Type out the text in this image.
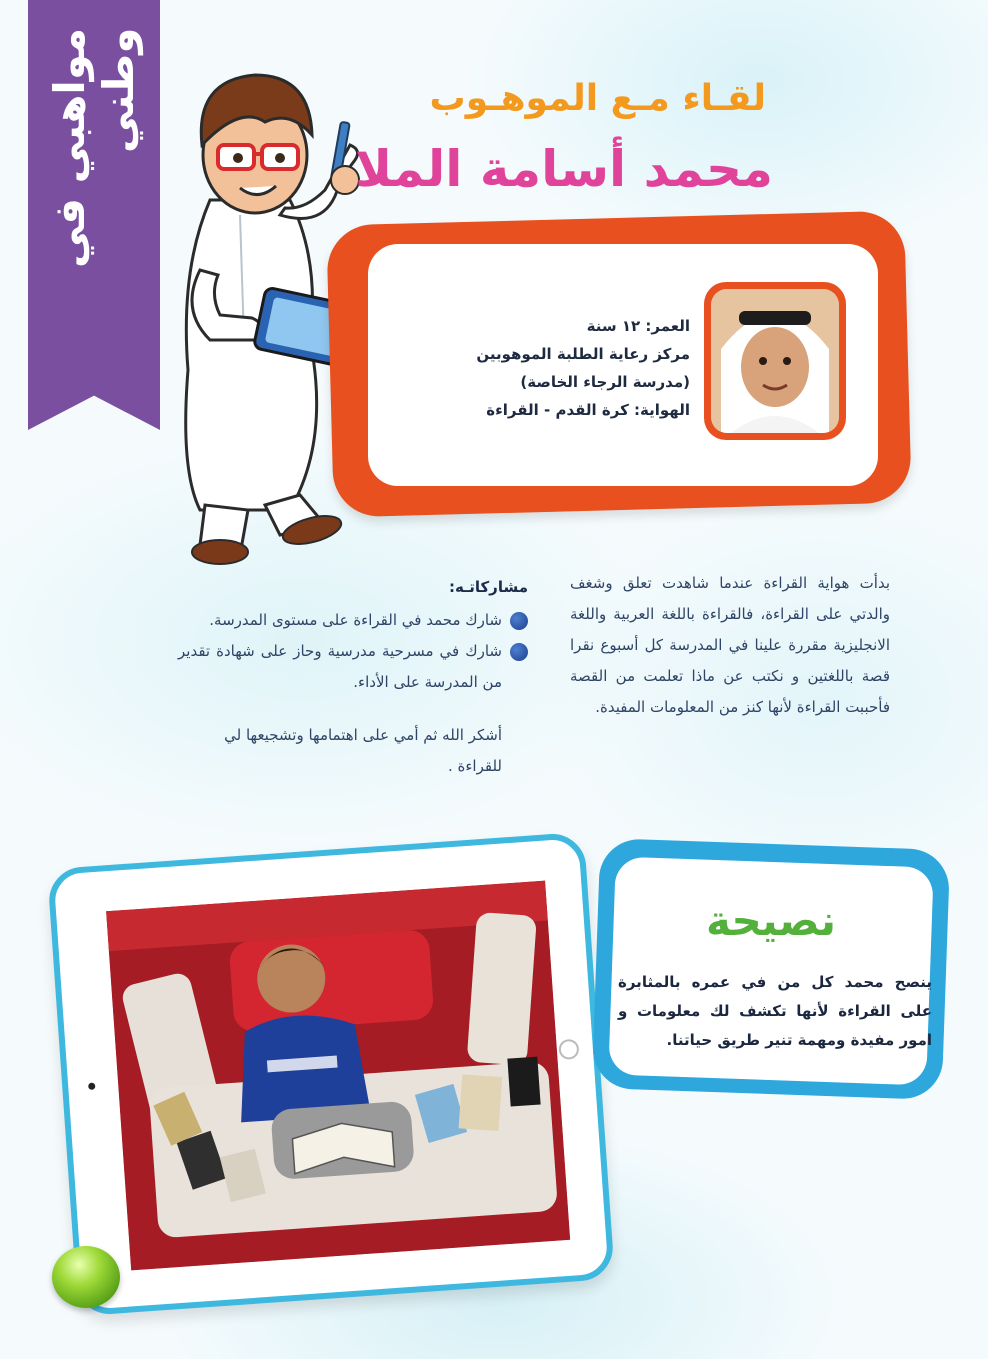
مواهبي في وطني	لقـاء مـع الموهـوب
محمد أسامة الملا
العمر: ١٢ سنة
مركز رعاية الطلبة الموهوبين
(مدرسة الرجاء الخاصة)
الهواية: كرة القدم - القراءة
بدأت هواية القراءة عندما شاهدت تعلق وشغف والدتي على القراءة، فالقراءة باللغة العربية واللغة الانجليزية مقررة علينا في المدرسة كل أسبوع نقرا قصة باللغتين و نكتب عن ماذا تعلمت من القصة فأحببت القراءة لأنها كنز من المعلومات المفيدة.
مشاركاتـه:
شارك محمد في القراءة على مستوى المدرسة.
شارك في مسرحية مدرسية وحاز على شهادة تقدير من المدرسة على الأداء.
أشكر الله ثم أمي على اهتمامها وتشجيعها لي للقراءة .
نصيحة
ينصح محمد كل من في عمره بالمثابرة على القراءة لأنها تكشف لك معلومات و امور مفيدة ومهمة تنير طريق حياتنا.
